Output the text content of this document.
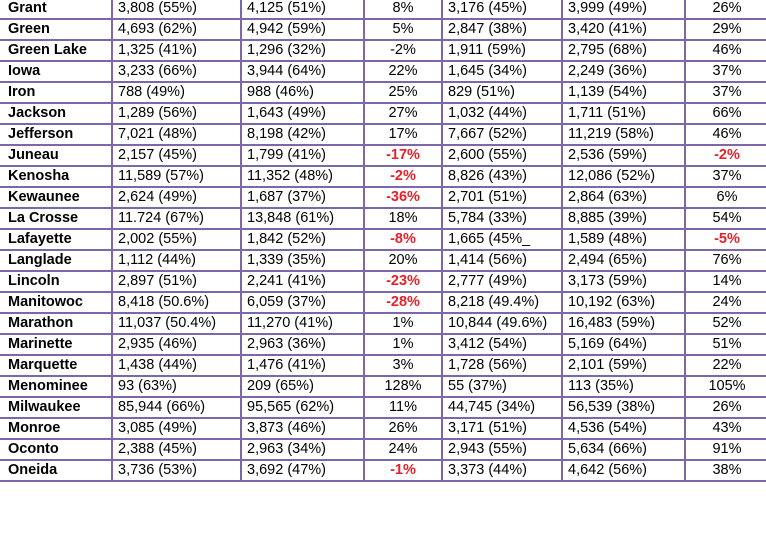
Grant	3,808 (55%)	4,125 (51%)	8%	3,176 (45%)	3,999 (49%)	26%
Green	4,693 (62%)	4,942 (59%)	5%	2,847 (38%)	3,420 (41%)	29%
Green Lake	1,325 (41%)	1,296 (32%)	-2%	1,911 (59%)	2,795 (68%)	46%
Iowa	3,233 (66%)	3,944 (64%)	22%	1,645 (34%)	2,249 (36%)	37%
Iron	788 (49%)	988 (46%)	25%	829 (51%)	1,139 (54%)	37%
Jackson	1,289 (56%)	1,643 (49%)	27%	1,032 (44%)	1,711 (51%)	66%
Jefferson	7,021 (48%)	8,198 (42%)	17%	7,667 (52%)	11,219 (58%)	46%
Juneau	2,157 (45%)	1,799 (41%)	-17%	2,600 (55%)	2,536 (59%)	-2%
Kenosha	11,589 (57%)	11,352 (48%)	-2%	8,826 (43%)	12,086 (52%)	37%
Kewaunee	2,624 (49%)	1,687 (37%)	-36%	2,701 (51%)	2,864 (63%)	6%
La Crosse	11.724 (67%)	13,848 (61%)	18%	5,784 (33%)	8,885 (39%)	54%
Lafayette	2,002 (55%)	1,842 (52%)	-8%	1,665 (45%_	1,589 (48%)	-5%
Langlade	1,112 (44%)	1,339 (35%)	20%	1,414 (56%)	2,494 (65%)	76%
Lincoln	2,897 (51%)	2,241 (41%)	-23%	2,777 (49%)	3,173 (59%)	14%
Manitowoc	8,418 (50.6%)	6,059 (37%)	-28%	8,218 (49.4%)	10,192 (63%)	24%
Marathon	11,037 (50.4%)	11,270 (41%)	1%	10,844 (49.6%)	16,483 (59%)	52%
Marinette	2,935 (46%)	2,963 (36%)	1%	3,412 (54%)	5,169 (64%)	51%
Marquette	1,438 (44%)	1,476 (41%)	3%	1,728 (56%)	2,101 (59%)	22%
Menominee	93 (63%)	209 (65%)	128%	55 (37%)	113 (35%)	105%
Milwaukee	85,944 (66%)	95,565 (62%)	11%	44,745 (34%)	56,539 (38%)	26%
Monroe	3,085 (49%)	3,873 (46%)	26%	3,171 (51%)	4,536 (54%)	43%
Oconto	2,388 (45%)	2,963 (34%)	24%	2,943 (55%)	5,634 (66%)	91%
Oneida	3,736 (53%)	3,692 (47%)	-1%	3,373 (44%)	4,642 (56%)	38%
